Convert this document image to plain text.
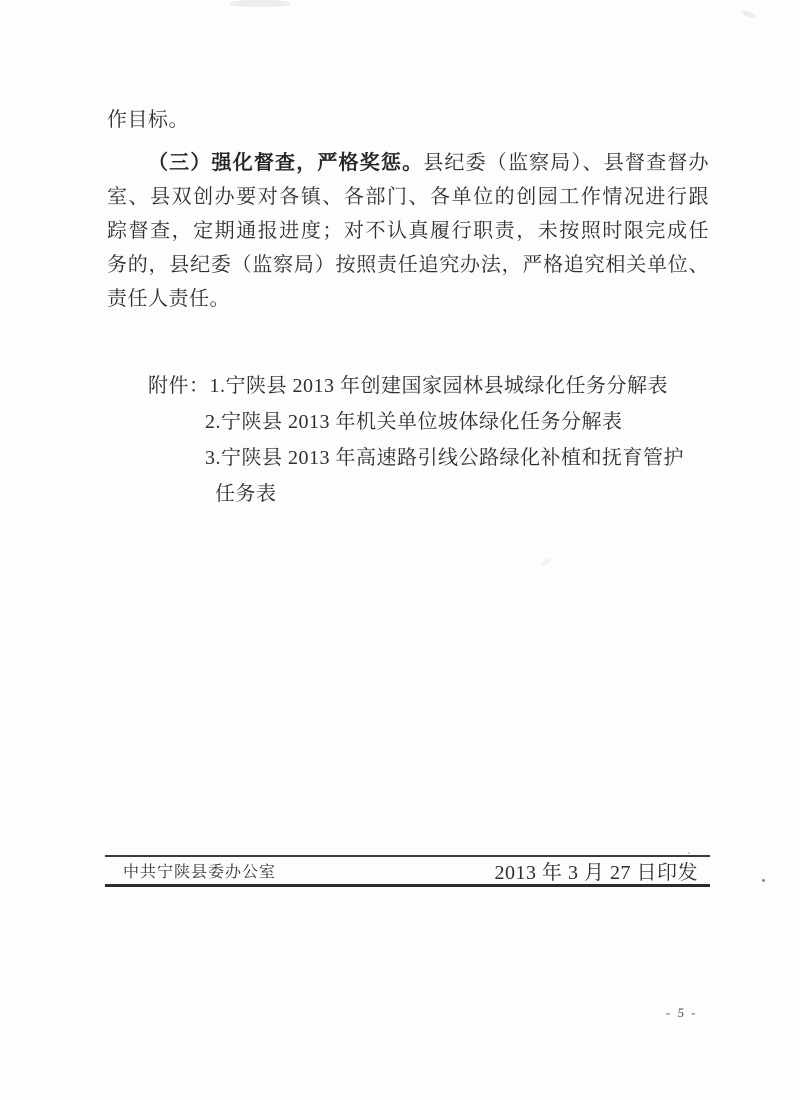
作目标。
（三）强化督查，严格奖惩。县纪委（监察局）、县督查督办
室、县双创办要对各镇、各部门、各单位的创园工作情况进行跟
踪督查，定期通报进度；对不认真履行职责，未按照时限完成任
务的，县纪委（监察局）按照责任追究办法，严格追究相关单位、
责任人责任。
附件： 1.宁陕县 2013 年创建国家园林县城绿化任务分解表
2.宁陕县 2013 年机关单位坡体绿化任务分解表
3.宁陕县 2013 年高速路引线公路绿化补植和抚育管护
任务表
中共宁陕县委办公室	2013 年 3 月 27 日印发
- 5 -
